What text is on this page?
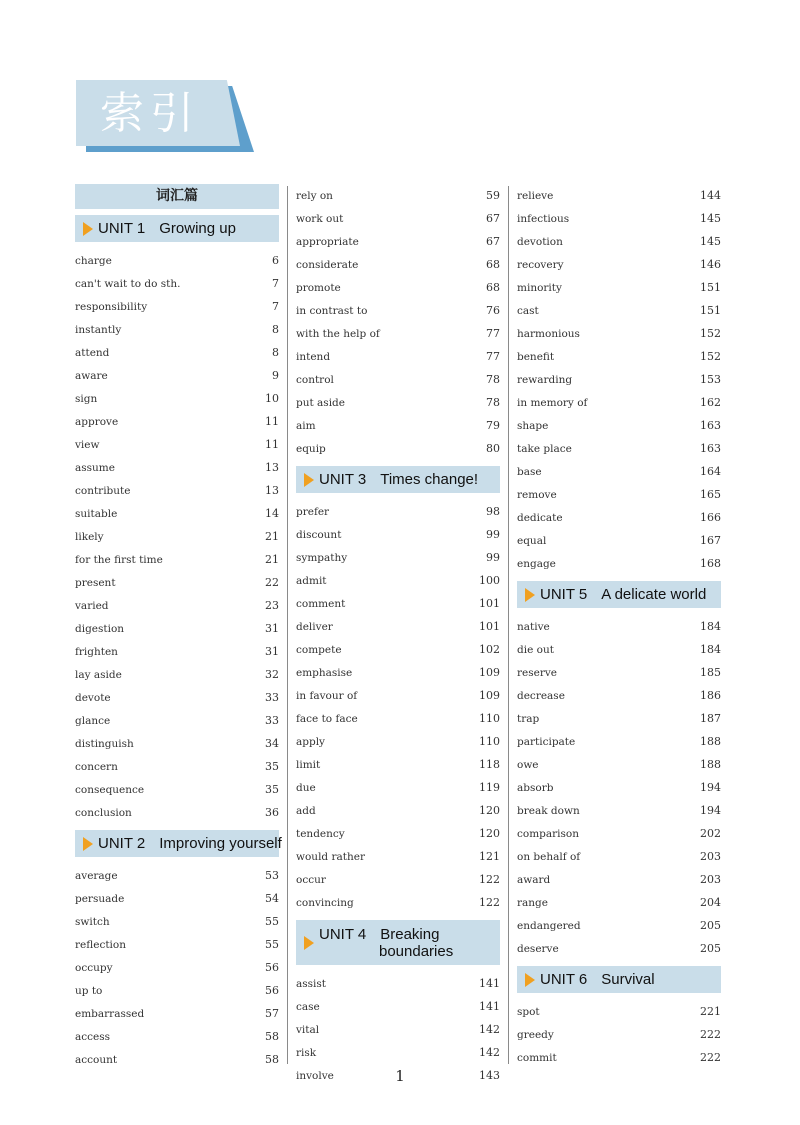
索引
词汇篇
UNIT 1 Growing up
charge	6
can't wait to do sth.	7
responsibility	7
instantly	8
attend	8
aware	9
sign	10
approve	11
view	11
assume	13
contribute	13
suitable	14
likely	21
for the first time	21
present	22
varied	23
digestion	31
frighten	31
lay aside	32
devote	33
glance	33
distinguish	34
concern	35
consequence	35
conclusion	36
UNIT 2 Improving yourself
average	53
persuade	54
switch	55
reflection	55
occupy	56
up to	56
embarrassed	57
access	58
account	58
rely on	59
work out	67
appropriate	67
considerate	68
promote	68
in contrast to	76
with the help of	77
intend	77
control	78
put aside	78
aim	79
equip	80
UNIT 3 Times change!
prefer	98
discount	99
sympathy	99
admit	100
comment	101
deliver	101
compete	102
emphasise	109
in favour of	109
face to face	110
apply	110
limit	118
due	119
add	120
tendency	120
would rather	121
occur	122
convincing	122
UNIT 4 Breaking
boundaries
assist	141
case	141
vital	142
risk	142
involve	143
relieve	144
infectious	145
devotion	145
recovery	146
minority	151
cast	151
harmonious	152
benefit	152
rewarding	153
in memory of	162
shape	163
take place	163
base	164
remove	165
dedicate	166
equal	167
engage	168
UNIT 5 A delicate world
native	184
die out	184
reserve	185
decrease	186
trap	187
participate	188
owe	188
absorb	194
break down	194
comparison	202
on behalf of	203
award	203
range	204
endangered	205
deserve	205
UNIT 6 Survival
spot	221
greedy	222
commit	222
1
